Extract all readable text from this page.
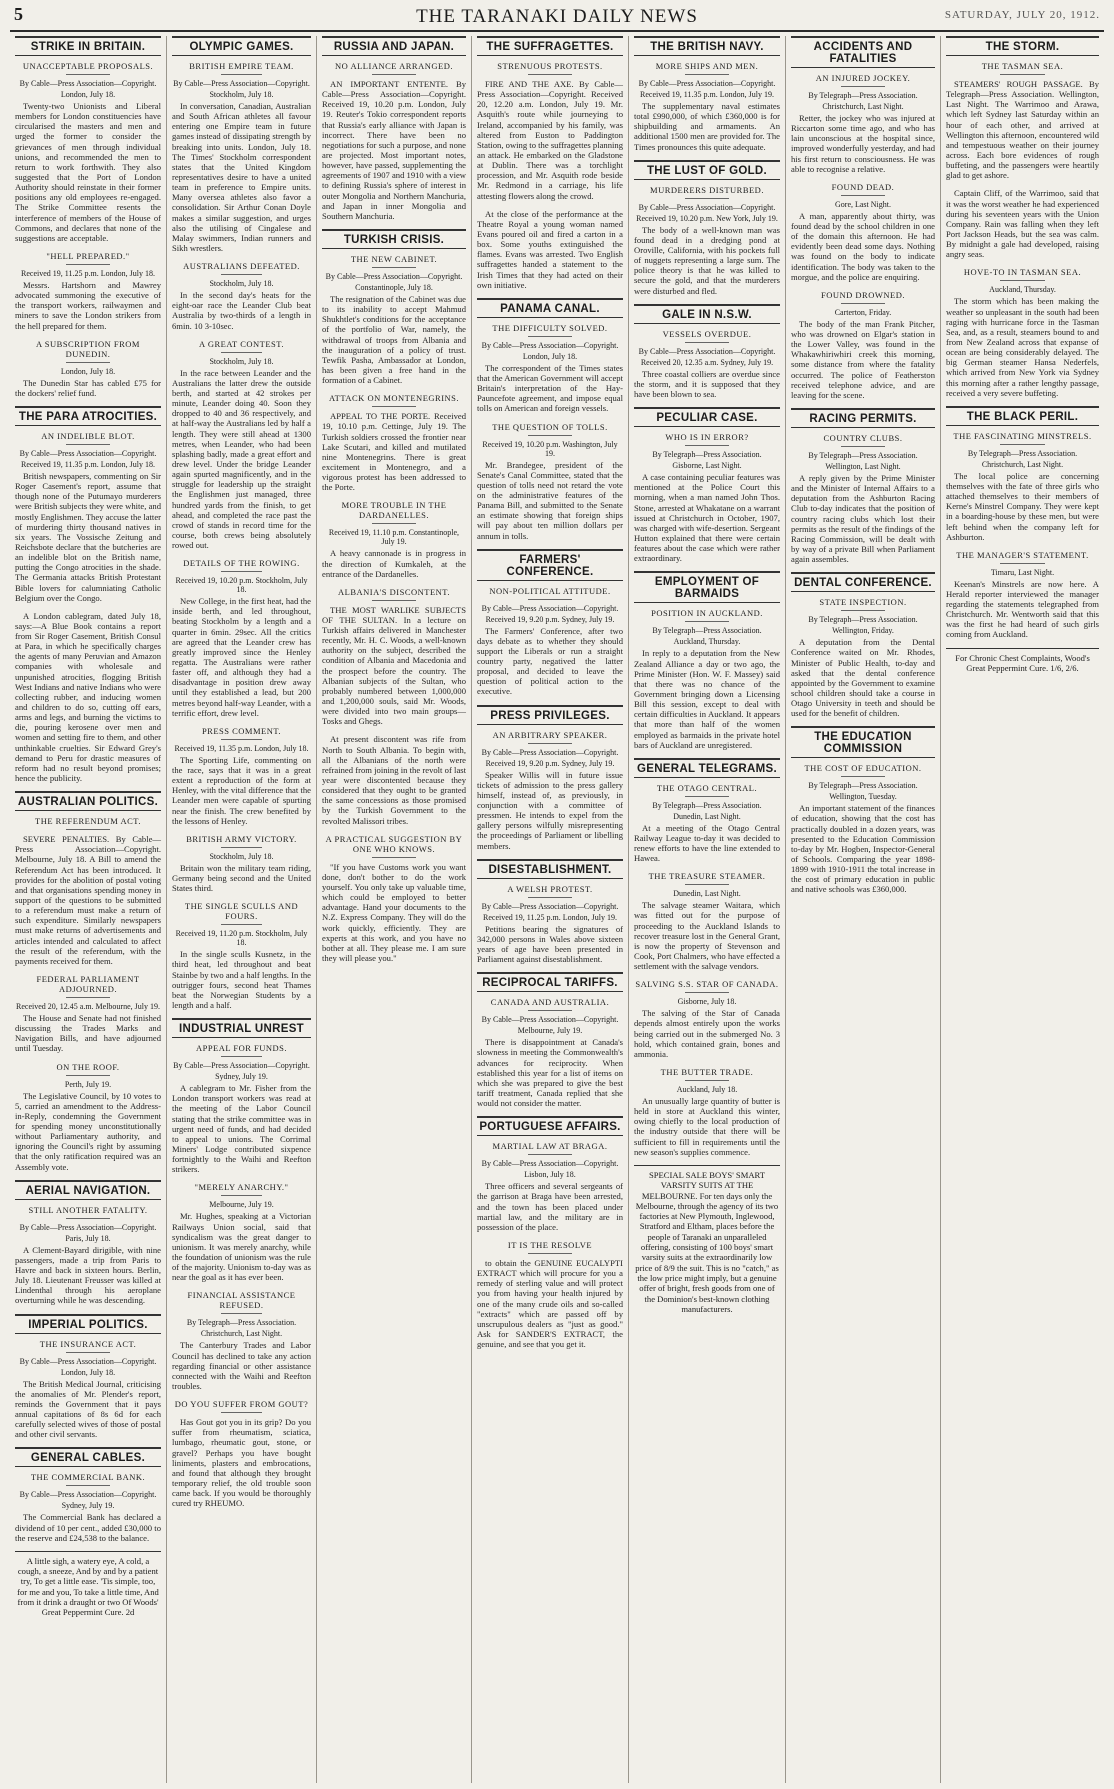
5	THE TARANAKI DAILY NEWS	SATURDAY, JULY 20, 1912.
STRIKE IN BRITAIN.
UNACCEPTABLE PROPOSALS.
By Cable—Press Association—Copyright.
London, July 18.

Twenty-two Unionists and Liberal members for London constituencies have circularised the masters and men and urged the former to consider the grievances of men through individual unions, and recommended the men to return to work forthwith. They also suggested that the Port of London Authority should reinstate in their former positions any old employees re-engaged. The Strike Committee resents the interference of members of the House of Commons, and declares that none of the suggestions are acceptable.

"HELL PREPARED."
Received 19, 11.25 p.m. London, July 18.

Messrs. Hartshorn and Mawrey advocated summoning the executive of the transport workers, railwaymen and miners to save the London strikers from the hell prepared for them.

A SUBSCRIPTION FROM DUNEDIN.
London, July 18.

The Dunedin Star has cabled £75 for the dockers' relief fund.

THE PARA ATROCITIES.
AN INDELIBLE BLOT.
By Cable—Press Association—Copyright.
Received 19, 11.35 p.m. London, July 18.

British newspapers, commenting on Sir Roger Casement's report, assume that though none of the Putumayo murderers were British subjects they were white, and mostly Englishmen. They accuse the latter of murdering thirty thousand natives in six years. The Vossische Zeitung and Reichsbote declare that the butcheries are an indelible blot on the British name, putting the Congo atrocities in the shade. The Germania attacks British Protestant Bible lovers for calumniating Catholic Belgium over the Congo.

A London cablegram, dated July 18, says:—A Blue Book contains a report from Sir Roger Casement, British Consul at Para, in which he specifically charges the agents of many Peruvian and Amazon companies with wholesale and unpunished atrocities, flogging British West Indians and native Indians who were collecting rubber, and inducing women and children to do so, cutting off ears, arms and legs, and burning the victims to die, pouring kerosene over men and women and setting fire to them, and other unthinkable cruelties. Sir Edward Grey's demand to Peru for drastic measures of reform had no result beyond promises; hence the publicity.

AUSTRALIAN POLITICS.
THE REFERENDUM ACT.

SEVERE PENALTIES. By Cable—Press Association—Copyright. Melbourne, July 18. A Bill to amend the Referendum Act has been introduced. It provides for the abolition of postal voting and that organisations spending money in support of the questions to be submitted to a referendum must make a return of such expenditure. Similarly newspapers must make returns of advertisements and articles intended and calculated to affect the result of the referendum, with the payments received for them.

FEDERAL PARLIAMENT ADJOURNED.
Received 20, 12.45 a.m. Melbourne, July 19.

The House and Senate had not finished discussing the Trades Marks and Navigation Bills, and have adjourned until Tuesday.

ON THE ROOF.
Perth, July 19.

The Legislative Council, by 10 votes to 5, carried an amendment to the Address-in-Reply, condemning the Government for spending money unconstitutionally without Parliamentary authority, and ignoring the Council's right by assuming that the only ratification required was an Assembly vote.

AERIAL NAVIGATION.
STILL ANOTHER FATALITY.
By Cable—Press Association—Copyright.
Paris, July 18.

A Clement-Bayard dirigible, with nine passengers, made a trip from Paris to Havre and back in sixteen hours. Berlin, July 18. Lieutenant Freusser was killed at Lindenthal through his aeroplane overturning while he was descending.

IMPERIAL POLITICS.
THE INSURANCE ACT.
By Cable—Press Association—Copyright.
London, July 18.

The British Medical Journal, criticising the anomalies of Mr. Plender's report, reminds the Government that it pays annual capitations of 8s 6d for each carefully selected wives of those of postal and other civil servants.

GENERAL CABLES.
THE COMMERCIAL BANK.
By Cable—Press Association—Copyright.
Sydney, July 19.

The Commercial Bank has declared a dividend of 10 per cent., added £30,000 to the reserve and £24,538 to the balance.

A little sigh, a watery eye, A cold, a cough, a sneeze, And by and by a patient try, To get a little ease. 'Tis simple, too, for me and you, To take a little time, And from it drink a draught or two Of Woods' Great Peppermint Cure. 2d
OLYMPIC GAMES.
BRITISH EMPIRE TEAM.
By Cable—Press Association—Copyright.
Stockholm, July 18.

In conversation, Canadian, Australian and South African athletes all favour entering one Empire team in future games instead of dissipating strength by breaking into units. London, July 18. The Times' Stockholm correspondent states that the United Kingdom representatives desire to have a united team in preference to Empire units. Many oversea athletes also favor a consolidation. Sir Arthur Conan Doyle makes a similar suggestion, and urges also the utilising of Cingalese and Malay swimmers, Indian runners and Sikh wrestlers.

AUSTRALIANS DEFEATED.
Stockholm, July 18.

In the second day's heats for the eight-oar race the Leander Club beat Australia by two-thirds of a length in 6min. 10 3-10sec.

A GREAT CONTEST.
Stockholm, July 18.

In the race between Leander and the Australians the latter drew the outside berth, and started at 42 strokes per minute, Leander doing 40. Soon they dropped to 40 and 36 respectively, and at half-way the Australians led by half a length. They were still ahead at 1300 metres, when Leander, who had been splashing badly, made a great effort and drew level. Under the bridge Leander again spurted magnificently, and in the struggle for leadership up the straight the Englishmen just managed, three hundred yards from the finish, to get ahead, and completed the race past the crowd of stands in record time for the course, both crews being absolutely rowed out.

DETAILS OF THE ROWING.
Received 19, 10.20 p.m. Stockholm, July 18.

New College, in the first heat, had the inside berth, and led throughout, beating Stockholm by a length and a quarter in 6min. 29sec. All the critics are agreed that the Leander crew has greatly improved since the Henley regatta. The Australians were rather faster off, and although they had a disadvantage in position drew away until they established a lead, but 200 metres beyond half-way Leander, with a terrific effort, drew level.

PRESS COMMENT.
Received 19, 11.35 p.m. London, July 18.

The Sporting Life, commenting on the race, says that it was in a great extent a reproduction of the form at Henley, with the vital difference that the Leander men were capable of spurting near the finish. The crew benefited by the lessons of Henley.

BRITISH ARMY VICTORY.
Stockholm, July 18.

Britain won the military team riding, Germany being second and the United States third.

THE SINGLE SCULLS AND FOURS.
Received 19, 11.20 p.m. Stockholm, July 18.

In the single sculls Kusnetz, in the third heat, led throughout and beat Stainbe by two and a half lengths. In the outrigger fours, second heat Thames beat the Norwegian Students by a length and a half.

INDUSTRIAL UNREST
APPEAL FOR FUNDS.
By Cable—Press Association—Copyright.
Sydney, July 19.

A cablegram to Mr. Fisher from the London transport workers was read at the meeting of the Labor Council stating that the strike committee was in urgent need of funds, and had decided to appeal to unions. The Corrimal Miners' Lodge contributed sixpence fortnightly to the Waihi and Reefton strikers.

"MERELY ANARCHY."
Melbourne, July 19.

Mr. Hughes, speaking at a Victorian Railways Union social, said that syndicalism was the great danger to unionism. It was merely anarchy, while the foundation of unionism was the rule of the majority. Unionism to-day was as near the goal as it has ever been.

FINANCIAL ASSISTANCE REFUSED.
By Telegraph—Press Association.
Christchurch, Last Night.

The Canterbury Trades and Labor Council has declined to take any action regarding financial or other assistance connected with the Waihi and Reefton troubles.

DO YOU SUFFER FROM GOUT?

Has Gout got you in its grip? Do you suffer from rheumatism, sciatica, lumbago, rheumatic gout, stone, or gravel? Perhaps you have bought liniments, plasters and embrocations, and found that although they brought temporary relief, the old trouble soon came back. If you would be thoroughly cured try RHEUMO.

RUSSIA AND JAPAN.
NO ALLIANCE ARRANGED.

AN IMPORTANT ENTENTE. By Cable—Press Association—Copyright. Received 19, 10.20 p.m. London, July 19. Reuter's Tokio correspondent reports that Russia's early alliance with Japan is incorrect. There have been no negotiations for such a purpose, and none are projected. Most important notes, however, have passed, supplementing the agreements of 1907 and 1910 with a view to defining Russia's sphere of interest in outer Mongolia and Northern Manchuria, and Japan in inner Mongolia and Southern Manchuria.

TURKISH CRISIS.
THE NEW CABINET.
By Cable—Press Association—Copyright.
Constantinople, July 18.

The resignation of the Cabinet was due to its inability to accept Mahmud Shukhtlet's conditions for the acceptance of the portfolio of War, namely, the withdrawal of troops from Albania and the inauguration of a policy of trust. Tewfik Pasha, Ambassador at London, has been given a free hand in the formation of a Cabinet.

ATTACK ON MONTENEGRINS.

APPEAL TO THE PORTE. Received 19, 10.10 p.m. Cettinge, July 19. The Turkish soldiers crossed the frontier near Lake Scutari, and killed and mutilated nine Montenegrins. There is great excitement in Montenegro, and a vigorous protest has been addressed to the Porte.

MORE TROUBLE IN THE DARDANELLES.
Received 19, 11.10 p.m. Constantinople, July 19.

A heavy cannonade is in progress in the direction of Kumkaleh, at the entrance of the Dardanelles.

ALBANIA'S DISCONTENT.

THE MOST WARLIKE SUBJECTS OF THE SULTAN. In a lecture on Turkish affairs delivered in Manchester recently, Mr. H. C. Woods, a well-known authority on the subject, described the condition of Albania and Macedonia and the prospect before the country. The Albanian subjects of the Sultan, who probably numbered between 1,000,000 and 1,200,000 souls, said Mr. Woods, were divided into two main groups—Tosks and Ghegs.

At present discontent was rife from North to South Albania. To begin with, all the Albanians of the north were refrained from joining in the revolt of last year were discontented because they considered that they ought to be granted the same concessions as those promised by the Turkish Government to the revolted Malissori tribes.

A PRACTICAL SUGGESTION BY ONE WHO KNOWS.

"If you have Customs work you want done, don't bother to do the work yourself. You only take up valuable time, which could be employed to better advantage. Hand your documents to the N.Z. Express Company. They will do the work quickly, efficiently. They are experts at this work, and you have no bother at all. They please me. I am sure they will please you."

THE SUFFRAGETTES.
STRENUOUS PROTESTS.

FIRE AND THE AXE. By Cable—Press Association—Copyright. Received 20, 12.20 a.m. London, July 19. Mr. Asquith's route while journeying to Ireland, accompanied by his family, was altered from Euston to Paddington Station, owing to the suffragettes planning an attack. He embarked on the Gladstone at Dublin. There was a torchlight procession, and Mr. Asquith rode beside Mr. Redmond in a carriage, his life attesting flowers along the crowd.

At the close of the performance at the Theatre Royal a young woman named Evans poured oil and fired a carton in a box. Some youths extinguished the flames. Evans was arrested. Two English suffragettes handed a statement to the Irish Times that they had acted on their own initiative.

PANAMA CANAL.
THE DIFFICULTY SOLVED.
By Cable—Press Association—Copyright.
London, July 18.

The correspondent of the Times states that the American Government will accept Britain's interpretation of the Hay-Pauncefote agreement, and impose equal tolls on American and foreign vessels.

THE QUESTION OF TOLLS.
Received 19, 10.20 p.m. Washington, July 19.

Mr. Brandegee, president of the Senate's Canal Committee, stated that the question of tolls need not retard the vote on the administrative features of the Panama Bill, and submitted to the Senate an estimate showing that foreign ships will pay about ten million dollars per annum in tolls.

FARMERS' CONFERENCE.
NON-POLITICAL ATTITUDE.
By Cable—Press Association—Copyright.
Received 19, 9.20 p.m. Sydney, July 19.

The Farmers' Conference, after two days debate as to whether they should support the Liberals or run a straight country party, negatived the latter proposal, and decided to leave the question of political action to the executive.

PRESS PRIVILEGES.
AN ARBITRARY SPEAKER.
By Cable—Press Association—Copyright.
Received 19, 9.20 p.m. Sydney, July 19.

Speaker Willis will in future issue tickets of admission to the press gallery himself, instead of, as previously, in conjunction with a committee of pressmen. He intends to expel from the gallery persons wilfully misrepresenting the proceedings of Parliament or libelling members.

DISESTABLISHMENT.
A WELSH PROTEST.
By Cable—Press Association—Copyright.
Received 19, 11.25 p.m. London, July 19.

Petitions bearing the signatures of 342,000 persons in Wales above sixteen years of age have been presented in Parliament against disestablishment.

RECIPROCAL TARIFFS.
CANADA AND AUSTRALIA.
By Cable—Press Association—Copyright.
Melbourne, July 19.

There is disappointment at Canada's slowness in meeting the Commonwealth's advances for reciprocity. When established this year for a list of items on which she was prepared to give the best tariff treatment, Canada replied that she would not consider the matter.

PORTUGUESE AFFAIRS.
MARTIAL LAW AT BRAGA.
By Cable—Press Association—Copyright.
Lisbon, July 18.

Three officers and several sergeants of the garrison at Braga have been arrested, and the town has been placed under martial law, and the military are in possession of the place.

IT IS THE RESOLVE

to obtain the GENUINE EUCALYPTI EXTRACT which will procure for you a remedy of sterling value and will protect you from having your health injured by one of the many crude oils and so-called "extracts" which are passed off by unscrupulous dealers as "just as good." Ask for SANDER'S EXTRACT, the genuine, and see that you get it.

THE BRITISH NAVY.
MORE SHIPS AND MEN.
By Cable—Press Association—Copyright.
Received 19, 11.35 p.m. London, July 19.

The supplementary naval estimates total £990,000, of which £360,000 is for shipbuilding and armaments. An additional 1500 men are provided for. The Times pronounces this quite adequate.

THE LUST OF GOLD.
MURDERERS DISTURBED.
By Cable—Press Association—Copyright.
Received 19, 10.20 p.m. New York, July 19.

The body of a well-known man was found dead in a dredging pond at Oroville, California, with his pockets full of nuggets representing a large sum. The police theory is that he was killed to secure the gold, and that the murderers were disturbed and fled.

GALE IN N.S.W.
VESSELS OVERDUE.
By Cable—Press Association—Copyright.
Received 20, 12.35 a.m. Sydney, July 19.

Three coastal colliers are overdue since the storm, and it is supposed that they have been blown to sea.

PECULIAR CASE.
WHO IS IN ERROR?
By Telegraph—Press Association.
Gisborne, Last Night.

A case containing peculiar features was mentioned at the Police Court this morning, when a man named John Thos. Stone, arrested at Whakatane on a warrant issued at Christchurch in October, 1907, was charged with wife-desertion. Sergeant Hutton explained that there were certain features about the case which were rather extraordinary.

EMPLOYMENT OF BARMAIDS
POSITION IN AUCKLAND.
By Telegraph—Press Association.
Auckland, Thursday.

In reply to a deputation from the New Zealand Alliance a day or two ago, the Prime Minister (Hon. W. F. Massey) said that there was no chance of the Government bringing down a Licensing Bill this session, except to deal with certain difficulties in Auckland. It appears that more than half of the women employed as barmaids in the private hotel bars of Auckland are unregistered.

GENERAL TELEGRAMS.
THE OTAGO CENTRAL.
By Telegraph—Press Association.
Dunedin, Last Night.

At a meeting of the Otago Central Railway League to-day it was decided to renew efforts to have the line extended to Hawea.

THE TREASURE STEAMER.
Dunedin, Last Night.

The salvage steamer Waitara, which was fitted out for the purpose of proceeding to the Auckland Islands to recover treasure lost in the General Grant, is now the property of Stevenson and Cook, Port Chalmers, who have effected a settlement with the salvage vendors.

SALVING S.S. STAR OF CANADA.
Gisborne, July 18.

The salving of the Star of Canada depends almost entirely upon the works being carried out in the submerged No. 3 hold, which contained grain, bones and ammonia.

THE BUTTER TRADE.
Auckland, July 18.

An unusually large quantity of butter is held in store at Auckland this winter, owing chiefly to the local production of the industry outside that there will be sufficient to fill in requirements until the new season's supplies commence.

SPECIAL SALE BOYS' SMART VARSITY SUITS AT THE MELBOURNE. For ten days only the Melbourne, through the agency of its two factories at New Plymouth, Inglewood, Stratford and Eltham, places before the people of Taranaki an unparalleled offering, consisting of 100 boys' smart varsity suits at the extraordinarily low price of 8/9 the suit. This is no "catch," as the low price might imply, but a genuine offer of bright, fresh goods from one of the Dominion's best-known clothing manufacturers.
ACCIDENTS AND FATALITIES
AN INJURED JOCKEY.
By Telegraph—Press Association.
Christchurch, Last Night.

Retter, the jockey who was injured at Riccarton some time ago, and who has lain unconscious at the hospital since, improved wonderfully yesterday, and had his first return to consciousness. He was able to recognise a relative.

FOUND DEAD.
Gore, Last Night.

A man, apparently about thirty, was found dead by the school children in one of the domain this afternoon. He had evidently been dead some days. Nothing was found on the body to indicate identification. The body was taken to the morgue, and the police are enquiring.

FOUND DROWNED.
Carterton, Friday.

The body of the man Frank Pitcher, who was drowned on Elgar's station in the Lower Valley, was found in the Whakawhiriwhiri creek this morning, some distance from where the fatality occurred. The police of Featherston received telephone advice, and are leaving for the scene.

RACING PERMITS.
COUNTRY CLUBS.
By Telegraph—Press Association.
Wellington, Last Night.

A reply given by the Prime Minister and the Minister of Internal Affairs to a deputation from the Ashburton Racing Club to-day indicates that the position of country racing clubs which lost their permits as the result of the findings of the Racing Commission, will be dealt with by way of a private Bill when Parliament again assembles.

DENTAL CONFERENCE.
STATE INSPECTION.
By Telegraph—Press Association.
Wellington, Friday.

A deputation from the Dental Conference waited on Mr. Rhodes, Minister of Public Health, to-day and asked that the dental conference appointed by the Government to examine school children should take a course in Otago University in teeth and should be used for the benefit of children.

THE EDUCATION COMMISSION
THE COST OF EDUCATION.
By Telegraph—Press Association.
Wellington, Tuesday.

An important statement of the finances of education, showing that the cost has practically doubled in a dozen years, was presented to the Education Commission to-day by Mr. Hogben, Inspector-General of Schools. Comparing the year 1898-1899 with 1910-1911 the total increase in the cost of primary education in public and native schools was £360,000.

THE STORM.
THE TASMAN SEA.

STEAMERS' ROUGH PASSAGE. By Telegraph—Press Association. Wellington, Last Night. The Warrimoo and Arawa, which left Sydney last Saturday within an hour of each other, and arrived at Wellington this afternoon, encountered wild and tempestuous weather on their journey across. Each bore evidences of rough buffeting, and the passengers were heartily glad to get ashore.

Captain Cliff, of the Warrimoo, said that it was the worst weather he had experienced during his seventeen years with the Union Company. Rain was falling when they left Port Jackson Heads, but the sea was calm. By midnight a gale had developed, raising angry seas.

HOVE-TO IN TASMAN SEA.
Auckland, Thursday.

The storm which has been making the weather so unpleasant in the south had been raging with hurricane force in the Tasman Sea, and, as a result, steamers bound to and from New Zealand across that expanse of ocean are being considerably delayed. The big German steamer Hansa Nederfels, which arrived from New York via Sydney this morning after a rather lengthy passage, received a very severe buffeting.

THE BLACK PERIL.
THE FASCINATING MINSTRELS.
By Telegraph—Press Association.
Christchurch, Last Night.

The local police are concerning themselves with the fate of three girls who attached themselves to their members of Kerne's Minstrel Company. They were kept in a boarding-house by these men, but were left behind when the company left for Ashburton.

THE MANAGER'S STATEMENT.
Timaru, Last Night.

Keenan's Minstrels are now here. A Herald reporter interviewed the manager regarding the statements telegraphed from Christchurch. Mr. Wentworth said that this was the first he had heard of such girls coming from Auckland.

For Chronic Chest Complaints, Wood's Great Peppermint Cure. 1/6, 2/6.
